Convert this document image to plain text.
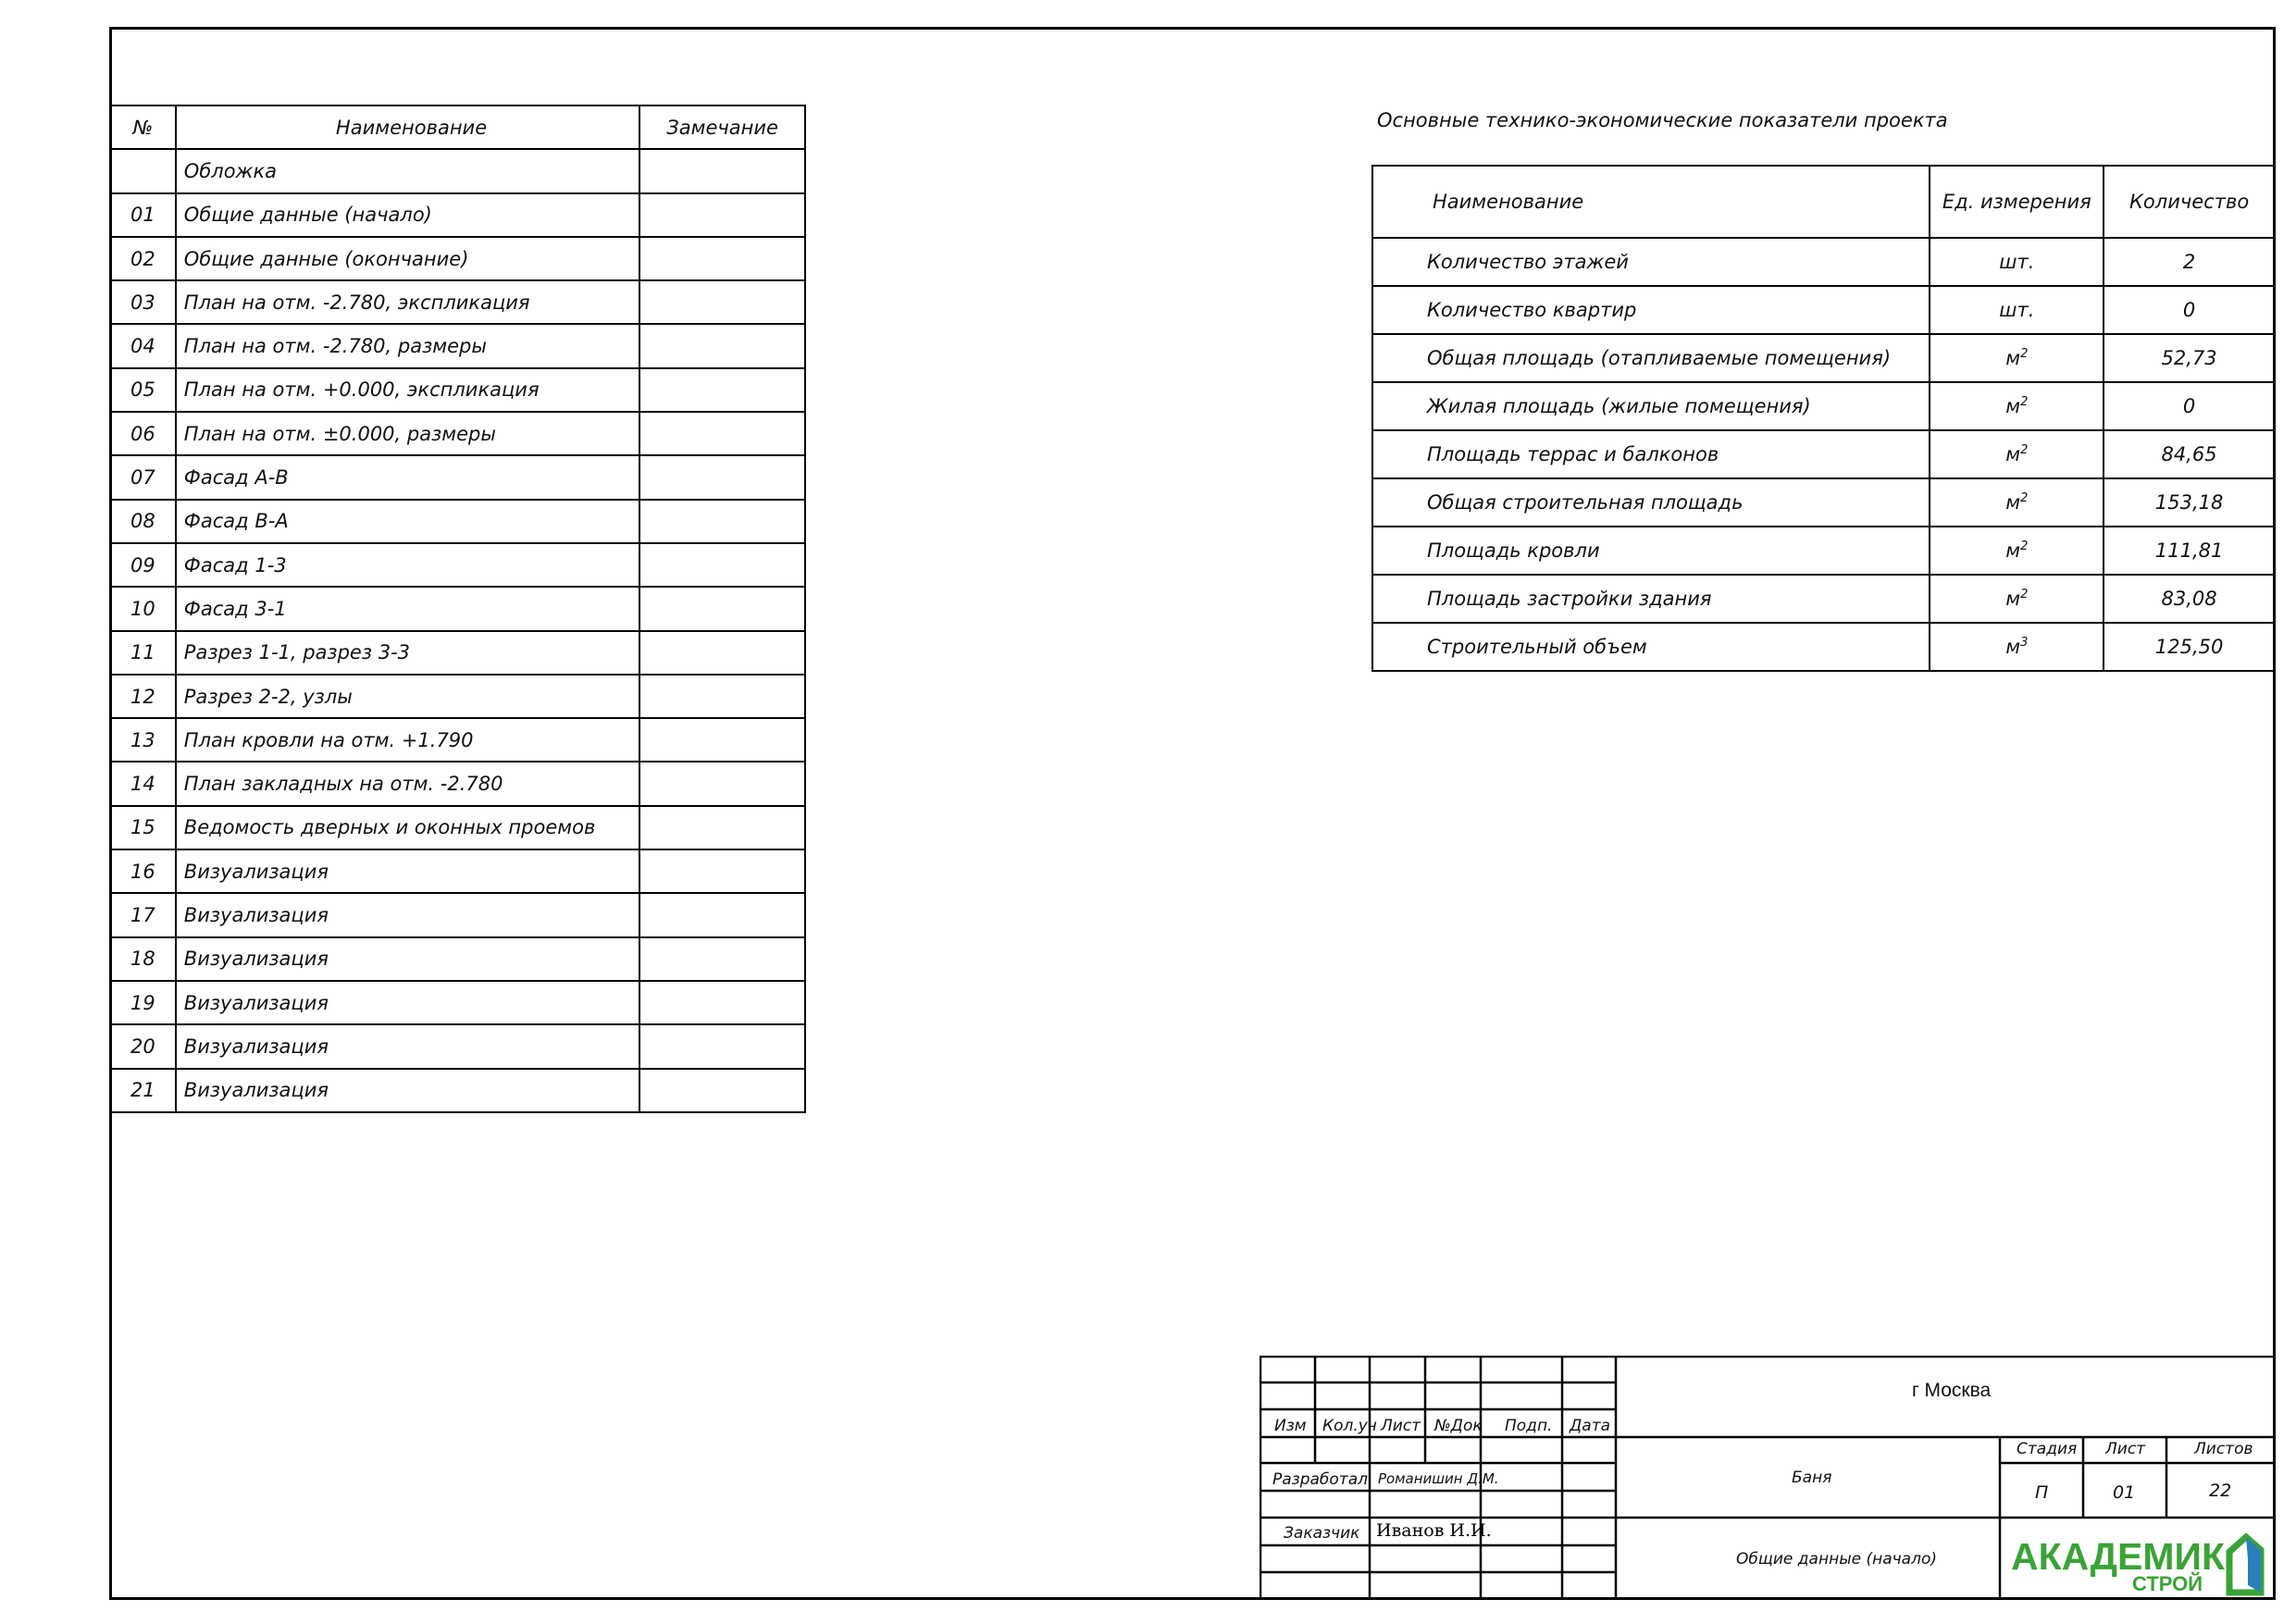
№	Наименование	Замечание
	Обложка	
01	Общие данные (начало)	
02	Общие данные (окончание)	
03	План на отм. -2.780, экспликация	
04	План на отм. -2.780, размеры	
05	План на отм. +0.000, экспликация	
06	План на отм. ±0.000, размеры	
07	Фасад А-В	
08	Фасад В-А	
09	Фасад 1-3	
10	Фасад 3-1	
11	Разрез 1-1, разрез 3-3	
12	Разрез 2-2, узлы	
13	План кровли на отм. +1.790	
14	План закладных на отм. -2.780	
15	Ведомость дверных и оконных проемов	
16	Визуализация	
17	Визуализация	
18	Визуализация	
19	Визуализация	
20	Визуализация	
21	Визуализация	
Основные технико-экономические показатели проекта
Наименование	Ед. измерения	Количество
Количество этажей	шт.	2
Количество квартир	шт.	0
Общая площадь (отапливаемые помещения)	$м^2$	52,73
Жилая площадь (жилые помещения)	$м^2$	0
Площадь террас и балконов	$м^2$	84,65
Общая строительная площадь	$м^2$	153,18
Площадь кровли	$м^2$	111,81
Площадь застройки здания	$м^2$	83,08
Строительный объем	$м^3$	125,50
Изм Кол.уч Лист №Док Подп. Дата
Разработал Романишин Д.М.
Заказчик Иванов И.И.
г Москва
Баня
Общие данные (начало)
Стадия Лист	Листов
П	01	22
АКАДЕМИК
СТРОЙ
